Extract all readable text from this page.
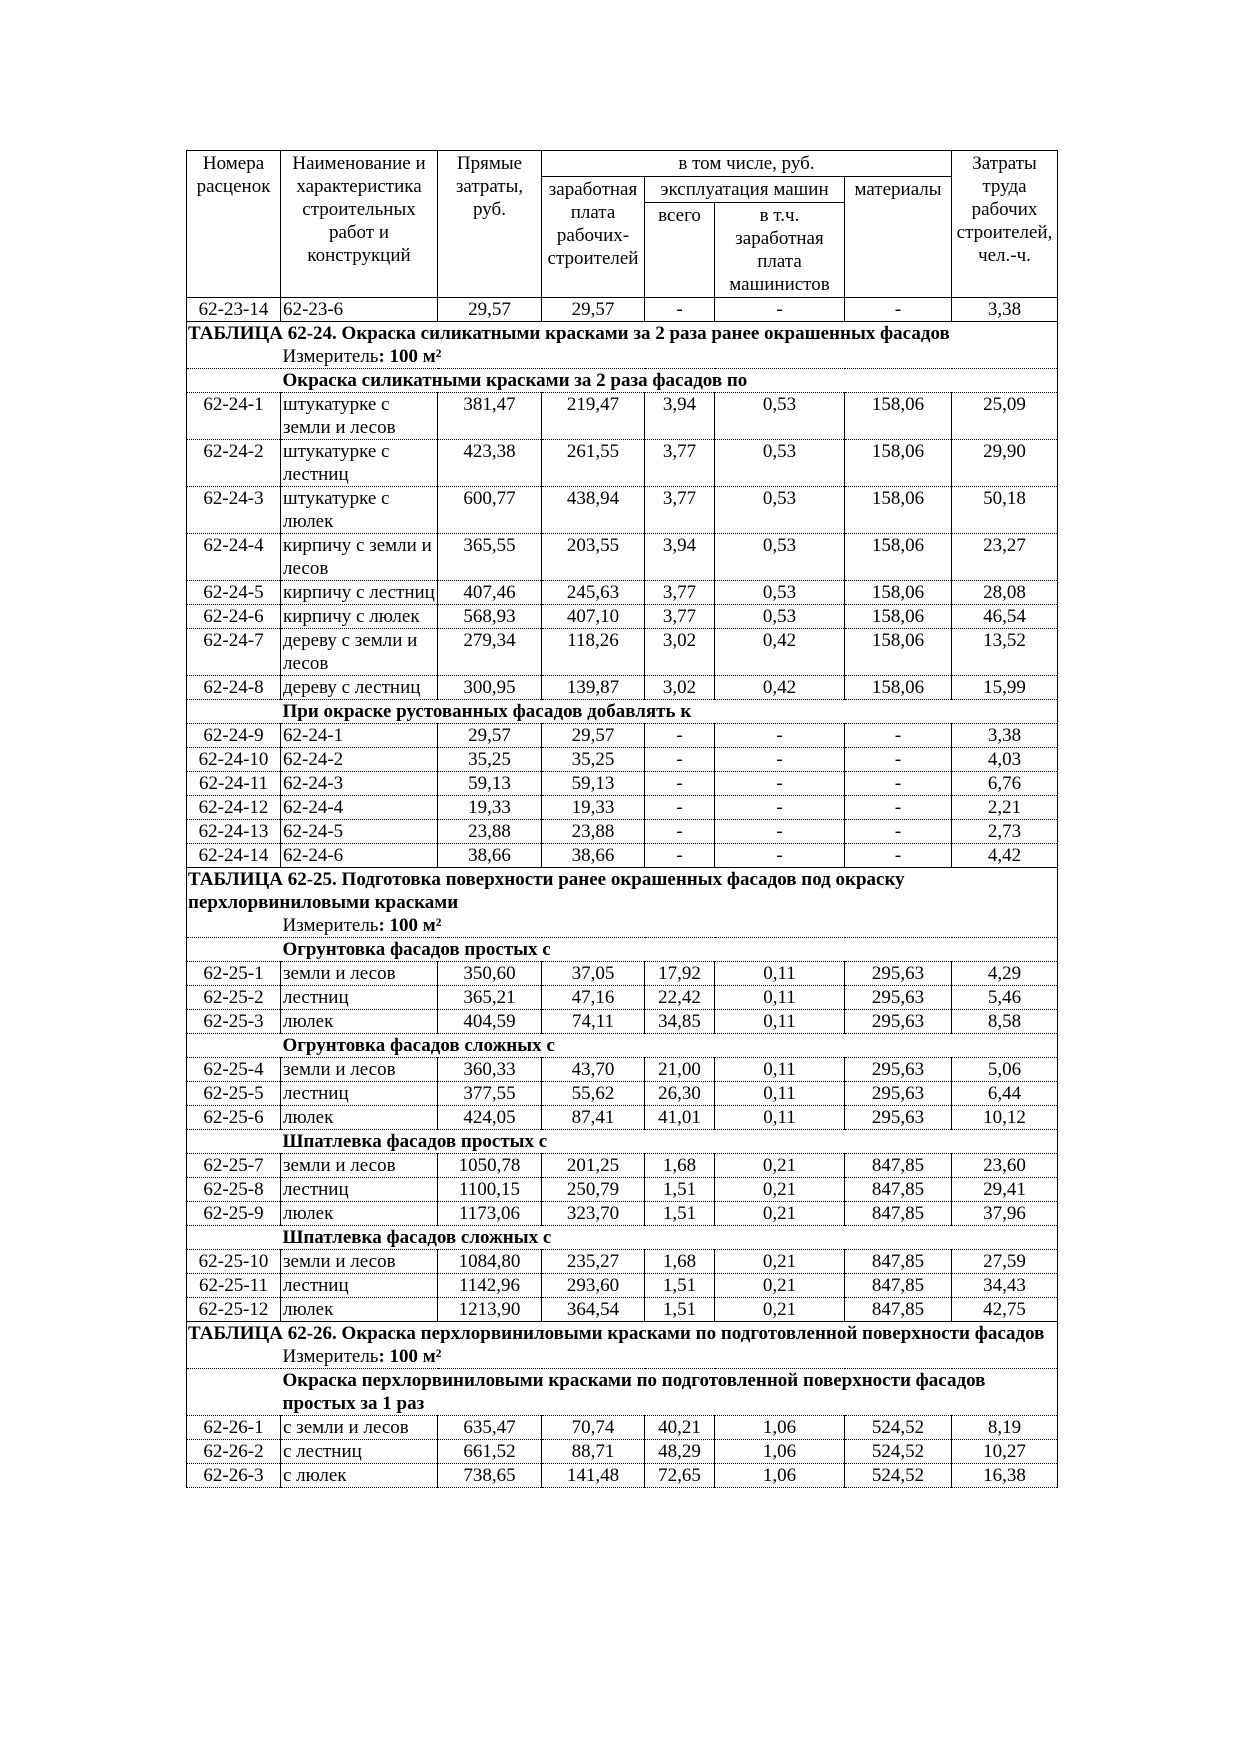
Номера расценок	Наименование и характеристика строительных работ и конструкций	Прямые затраты, руб.	в том числе, руб.				Затраты труда рабочих строителей, чел.-ч.
			заработная плата рабочих-строителей	эксплуатация машин		материалы	
				всего	в т.ч. заработная плата машинистов		
62-23-14	62-23-6	29,57	29,57	-	-	-	3,38
ТАБЛИЦА 62-24. Окраска силикатными красками за 2 раза ранее окрашенных фасадов							
	Измеритель: 100 м²						
	Окраска силикатными красками за 2 раза фасадов по						
62-24-1	штукатурке с земли и лесов	381,47	219,47	3,94	0,53	158,06	25,09
62-24-2	штукатурке с лестниц	423,38	261,55	3,77	0,53	158,06	29,90
62-24-3	штукатурке с люлек	600,77	438,94	3,77	0,53	158,06	50,18
62-24-4	кирпичу с земли и лесов	365,55	203,55	3,94	0,53	158,06	23,27
62-24-5	кирпичу с лестниц	407,46	245,63	3,77	0,53	158,06	28,08
62-24-6	кирпичу с люлек	568,93	407,10	3,77	0,53	158,06	46,54
62-24-7	дереву с земли и лесов	279,34	118,26	3,02	0,42	158,06	13,52
62-24-8	дереву с лестниц	300,95	139,87	3,02	0,42	158,06	15,99
	При окраске рустованных фасадов добавлять к						
62-24-9	62-24-1	29,57	29,57	-	-	-	3,38
62-24-10	62-24-2	35,25	35,25	-	-	-	4,03
62-24-11	62-24-3	59,13	59,13	-	-	-	6,76
62-24-12	62-24-4	19,33	19,33	-	-	-	2,21
62-24-13	62-24-5	23,88	23,88	-	-	-	2,73
62-24-14	62-24-6	38,66	38,66	-	-	-	4,42
ТАБЛИЦА 62-25. Подготовка поверхности ранее окрашенных фасадов под окраску перхлорвиниловыми красками							
	Измеритель: 100 м²						
	Огрунтовка фасадов простых с						
62-25-1	земли и лесов	350,60	37,05	17,92	0,11	295,63	4,29
62-25-2	лестниц	365,21	47,16	22,42	0,11	295,63	5,46
62-25-3	люлек	404,59	74,11	34,85	0,11	295,63	8,58
	Огрунтовка фасадов сложных с						
62-25-4	земли и лесов	360,33	43,70	21,00	0,11	295,63	5,06
62-25-5	лестниц	377,55	55,62	26,30	0,11	295,63	6,44
62-25-6	люлек	424,05	87,41	41,01	0,11	295,63	10,12
	Шпатлевка фасадов простых с						
62-25-7	земли и лесов	1050,78	201,25	1,68	0,21	847,85	23,60
62-25-8	лестниц	1100,15	250,79	1,51	0,21	847,85	29,41
62-25-9	люлек	1173,06	323,70	1,51	0,21	847,85	37,96
	Шпатлевка фасадов сложных с						
62-25-10	земли и лесов	1084,80	235,27	1,68	0,21	847,85	27,59
62-25-11	лестниц	1142,96	293,60	1,51	0,21	847,85	34,43
62-25-12	люлек	1213,90	364,54	1,51	0,21	847,85	42,75
ТАБЛИЦА 62-26. Окраска перхлорвиниловыми красками по подготовленной поверхности фасадов							
	Измеритель: 100 м²						
	Окраска перхлорвиниловыми красками по подготовленной поверхности фасадов простых за 1 раз						
62-26-1	с земли и лесов	635,47	70,74	40,21	1,06	524,52	8,19
62-26-2	с лестниц	661,52	88,71	48,29	1,06	524,52	10,27
62-26-3	с люлек	738,65	141,48	72,65	1,06	524,52	16,38
